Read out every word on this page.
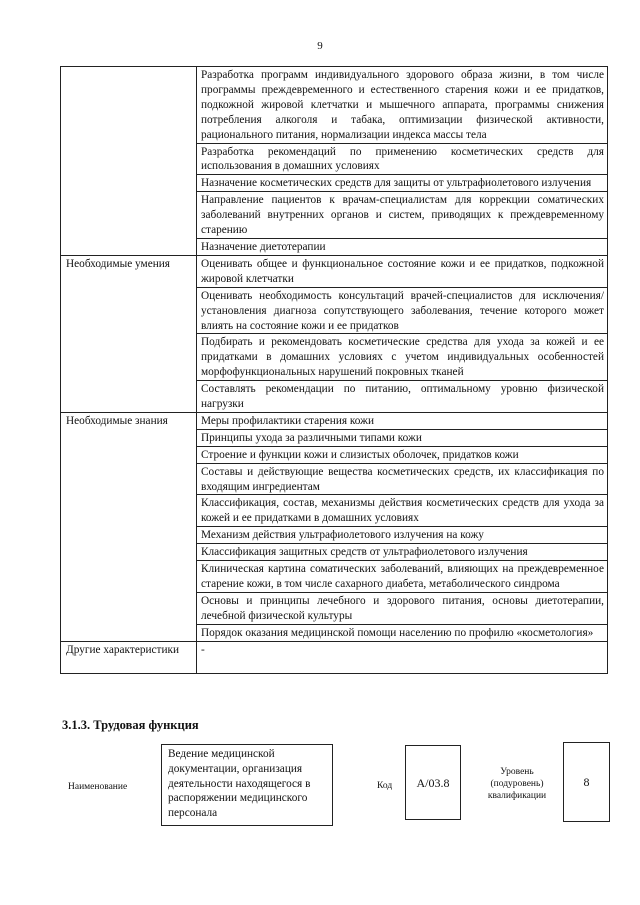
9
	Разработка программ индивидуального здорового образа жизни, в том числе программы преждевременного и естественного старения кожи и ее придатков, подкожной жировой клетчатки и мышечного аппарата, программы снижения потребления алкоголя и табака, оптимизации физической активности, рационального питания, нормализации индекса массы тела
	Разработка рекомендаций по применению косметических средств для использования в домашних условиях
	Назначение косметических средств для защиты от ультрафиолетового излучения
	Направление пациентов к врачам-специалистам для коррекции соматических заболеваний внутренних органов и систем, приводящих к преждевременному старению
	Назначение диетотерапии
Необходимые умения	Оценивать общее и функциональное состояние кожи и ее придатков, подкожной жировой клетчатки
	Оценивать необходимость консультаций врачей-специалистов для исключения/установления диагноза сопутствующего заболевания, течение которого может влиять на состояние кожи и ее придатков
	Подбирать и рекомендовать косметические средства для ухода за кожей и ее придатками в домашних условиях с учетом индивидуальных особенностей морфофункциональных нарушений покровных тканей
	Составлять рекомендации по питанию, оптимальному уровню физической нагрузки
Необходимые знания	Меры профилактики старения кожи
	Принципы ухода за различными типами кожи
	Строение и функции кожи и слизистых оболочек, придатков кожи
	Составы и действующие вещества косметических средств, их классификация по входящим ингредиентам
	Классификация, состав, механизмы действия косметических средств для ухода за кожей и ее придатками в домашних условиях
	Механизм действия ультрафиолетового излучения на кожу
	Классификация защитных средств от ультрафиолетового излучения
	Клиническая картина соматических заболеваний, влияющих на преждевременное старение кожи, в том числе сахарного диабета, метаболического синдрома
	Основы и принципы лечебного и здорового питания, основы диетотерапии, лечебной физической культуры
	Порядок оказания медицинской помощи населению по профилю «косметология»
Другие характеристики	-
3.1.3. Трудовая функция
Наименование
Ведение медицинской документации, организация деятельности находящегося в распоряжении медицинского персонала
Код	А/03.8
Уровень (подуровень) квалификации
8
